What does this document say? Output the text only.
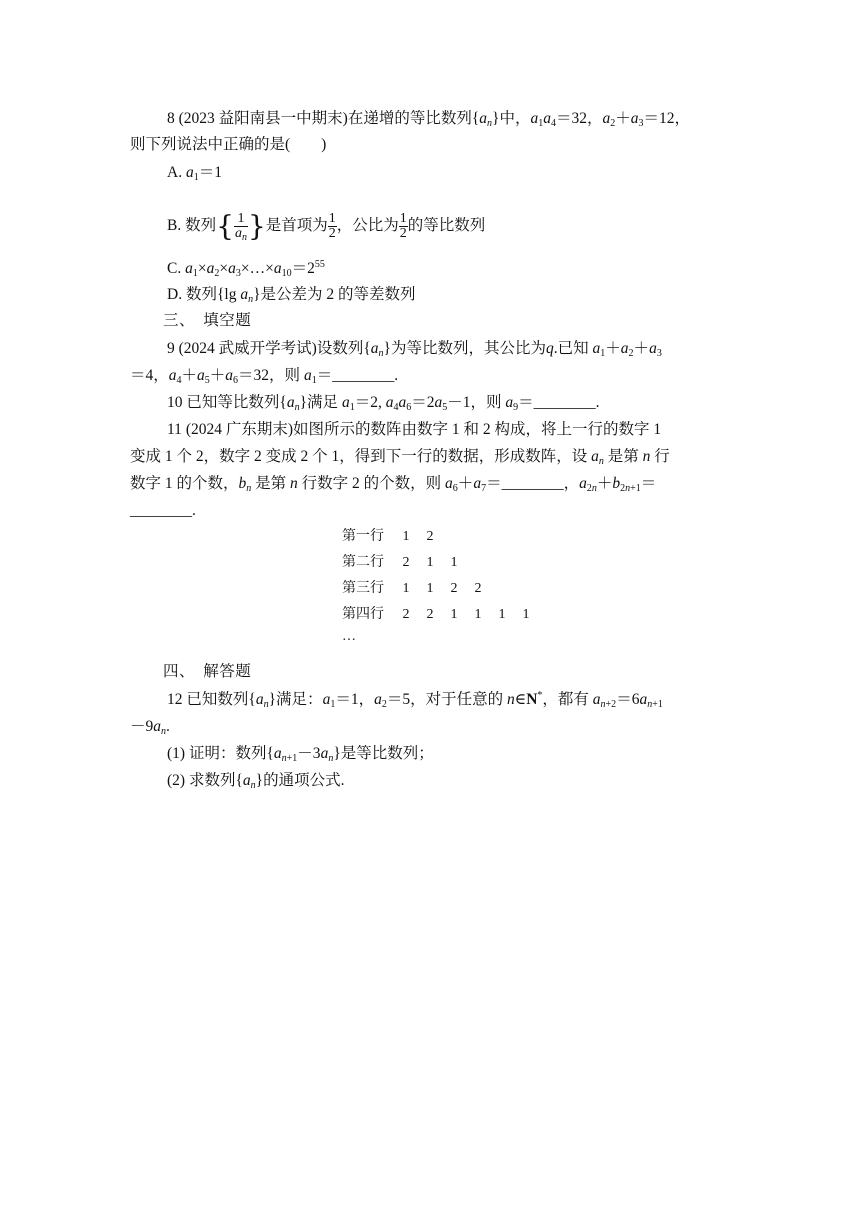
8 (2023 益阳南县一中期末)在递增的等比数列$\{a_n\}$中，$a_1a_4=32$，$a_2+a_3=12$，
则下列说法中正确的是(　　)
A. $a_1=1$
B. 数列{ $\frac{1}{a_n}$ }是首项为 $\frac{1}{2}$ ，公比为 $\frac{1}{2}$ 的等比数列
C. $a_1\times a_2\times a_3\times\dots\times a_{10}=2^{55}$
D. 数列{lg $a_n$}是公差为 2 的等差数列
三、　填空题
9 (2024 武威开学考试)设数列$\{a_n\}$为等比数列，其公比为q.已知 $a_1+a_2+a_3$
＝4，$a_4+a_5+a_6=32$，则 $a_1=\_\_\_\_\_\_\_\_$.
10 已知等比数列$\{a_n\}$满足 $a_1=2$, $a_4a_6=2a_5-1$，则 $a_9=\_\_\_\_\_\_\_\_$.
11 (2024 广东期末)如图所示的数阵由数字 1 和 2 构成，将上一行的数字 1
变成 1 个 2，数字 2 变成 2 个 1，得到下一行的数据，形成数阵，设 $a_n$ 是第 n 行
数字 1 的个数，$b_n$ 是第 n 行数字 2 的个数，则 $a_6+a_7=\_\_\_\_\_\_\_\_$，$a_{2n}+b_{2n+1}=$
________.
第一行 1 2
第二行 2 1 1
第三行 1 1 2 2
第四行 2 2 1 1 1 1
…
四、　解答题
12 已知数列$\{a_n\}$满足：$a_1=1$，$a_2=5$，对于任意的 n∈N*，都有 $a_{n+2}=6a_{n+1}$
$-9a_n$.
(1) 证明：数列$\{a_{n+1}-3a_n\}$是等比数列；
(2) 求数列$\{a_n\}$的通项公式.
